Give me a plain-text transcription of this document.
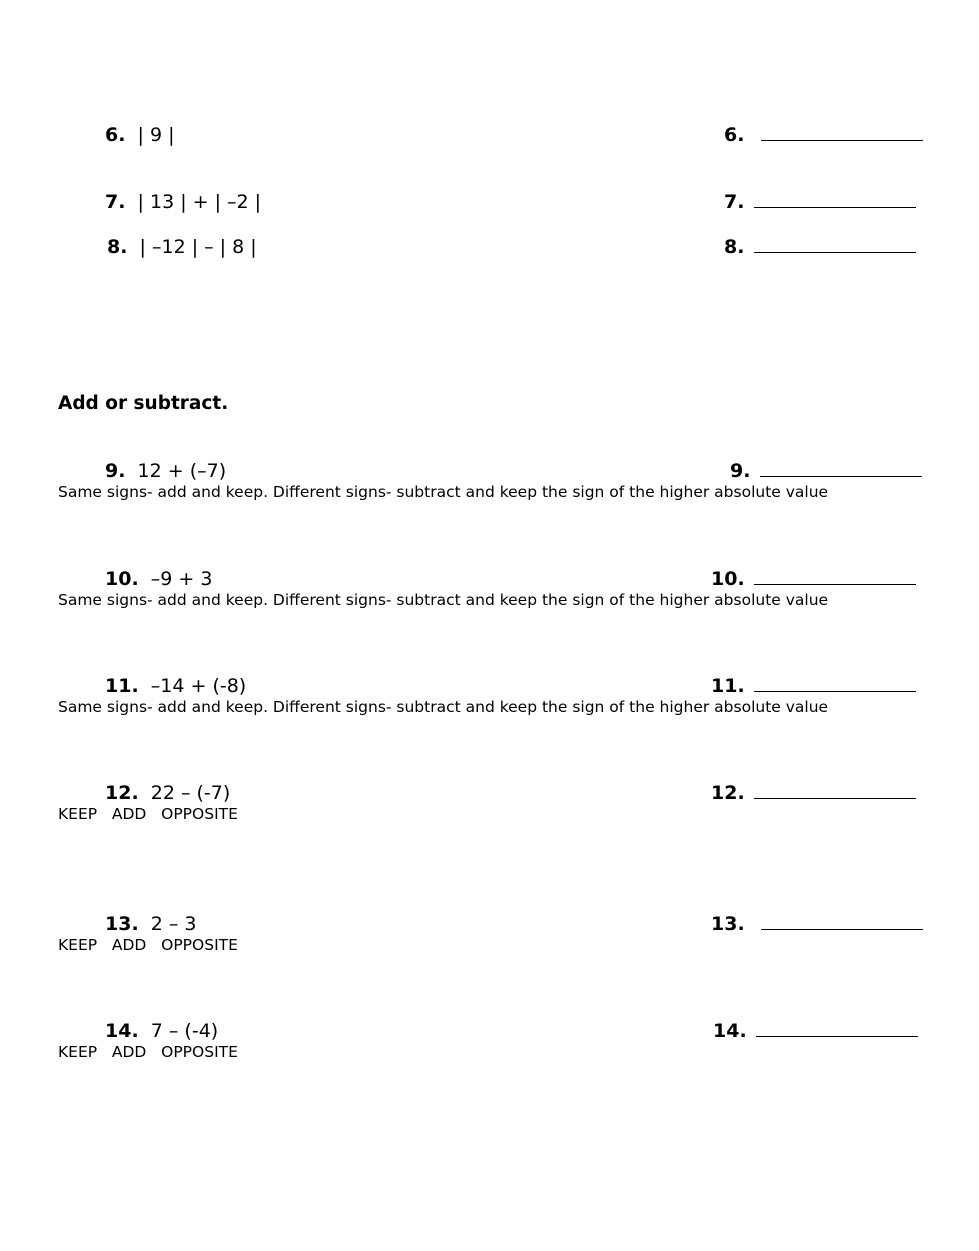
6. | 9 |	6.
7. | 13 | + | –2 |	7.
8. | –12 | – | 8 |	8.
Add or subtract.
9. 12 + (–7)
Same signs- add and keep. Different signs- subtract and keep the sign of the higher absolute value
9.
10. –9 + 3
Same signs- add and keep. Different signs- subtract and keep the sign of the higher absolute value
10.
11. –14 + (-8)
Same signs- add and keep. Different signs- subtract and keep the sign of the higher absolute value
11.
12. 22 – (-7)
KEEP   ADD   OPPOSITE
12.
13. 2 – 3
KEEP   ADD   OPPOSITE
13.
14. 7 – (-4)
KEEP   ADD   OPPOSITE
14.
